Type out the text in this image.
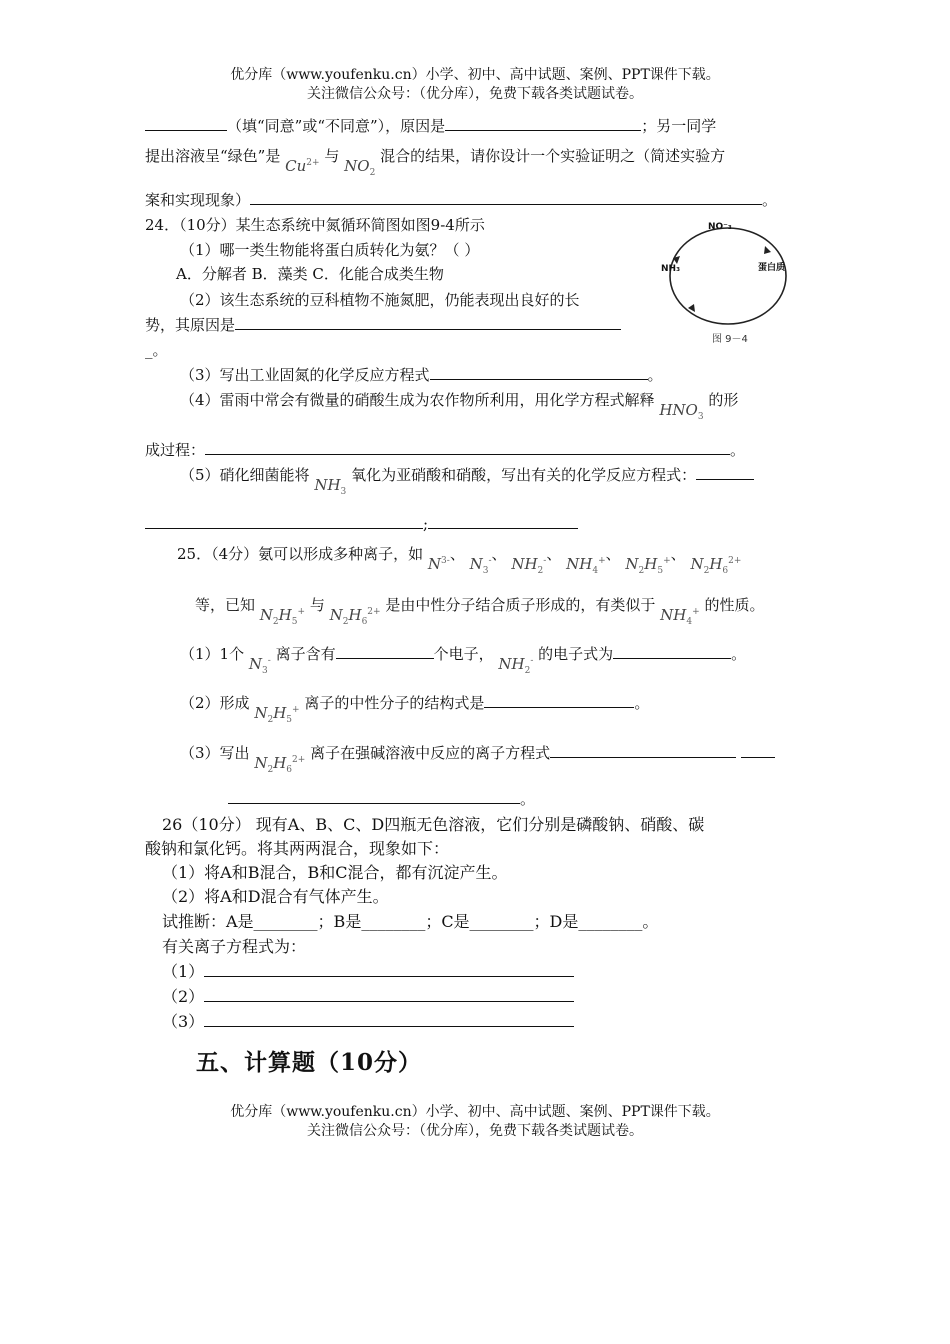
优分库（www.youfenku.cn）小学、初中、高中试题、案例、PPT课件下载。
关注微信公众号：（优分库），免费下载各类试题试卷。
（填“同意”或“不同意”），原因是	；另一同学
提出溶液呈“绿色”是 $Cu^{2+}$ 与 $NO_2$ 混合的结果，请你设计一个实验证明之（简述实验方
案和实现现象）	。
24．（10分）某生态系统中氮循环简图如图9-4所示
（1）哪一类生物能将蛋白质转化为氨？（ ）
A．分解者 B．藻类 C．化能合成类生物
（2）该生态系统的豆科植物不施氮肥，仍能表现出良好的长
势，其原因是
_。
NO⁻₃
NH₃	蛋白质
图 9－4
（3）写出工业固氮的化学反应方程式	。
（4）雷雨中常会有微量的硝酸生成为农作物所利用，用化学方程式解释 $HNO_3$ 的形
成过程：	。
（5）硝化细菌能将 $NH_3$ 氧化为亚硝酸和硝酸，写出有关的化学反应方程式：
;
25．（4分）氨可以形成多种离子，如 $N^{3-}$、 $N_3^-$、 $NH_2^-$、 $NH_4^+$、 $N_2H_5^+$、 $N_2H_6^{2+}$
等，已知 $N_2H_5^+$ 与 $N_2H_6^{2+}$ 是由中性分子结合质子形成的，有类似于 $NH_4^+$ 的性质。
（1）1个 $N_3^-$ 离子含有	个电子， $NH_2^-$ 的电子式为	。
（2）形成 $N_2H_5^+$ 离子的中性分子的结构式是	。
（3）写出 $N_2H_6^{2+}$ 离子在强碱溶液中反应的离子方程式
。
26（10分） 现有A、B、C、D四瓶无色溶液，它们分别是磷酸钠、硝酸、碳
酸钠和氯化钙。将其两两混合，现象如下：
（1）将A和B混合，B和C混合，都有沉淀产生。
（2）将A和D混合有气体产生。
试推断：A是________；B是________；C是________；D是________。
有关离子方程式为：
（1）
（2）
（3）
五、计算题（10分）
优分库（www.youfenku.cn）小学、初中、高中试题、案例、PPT课件下载。
关注微信公众号：（优分库），免费下载各类试题试卷。
